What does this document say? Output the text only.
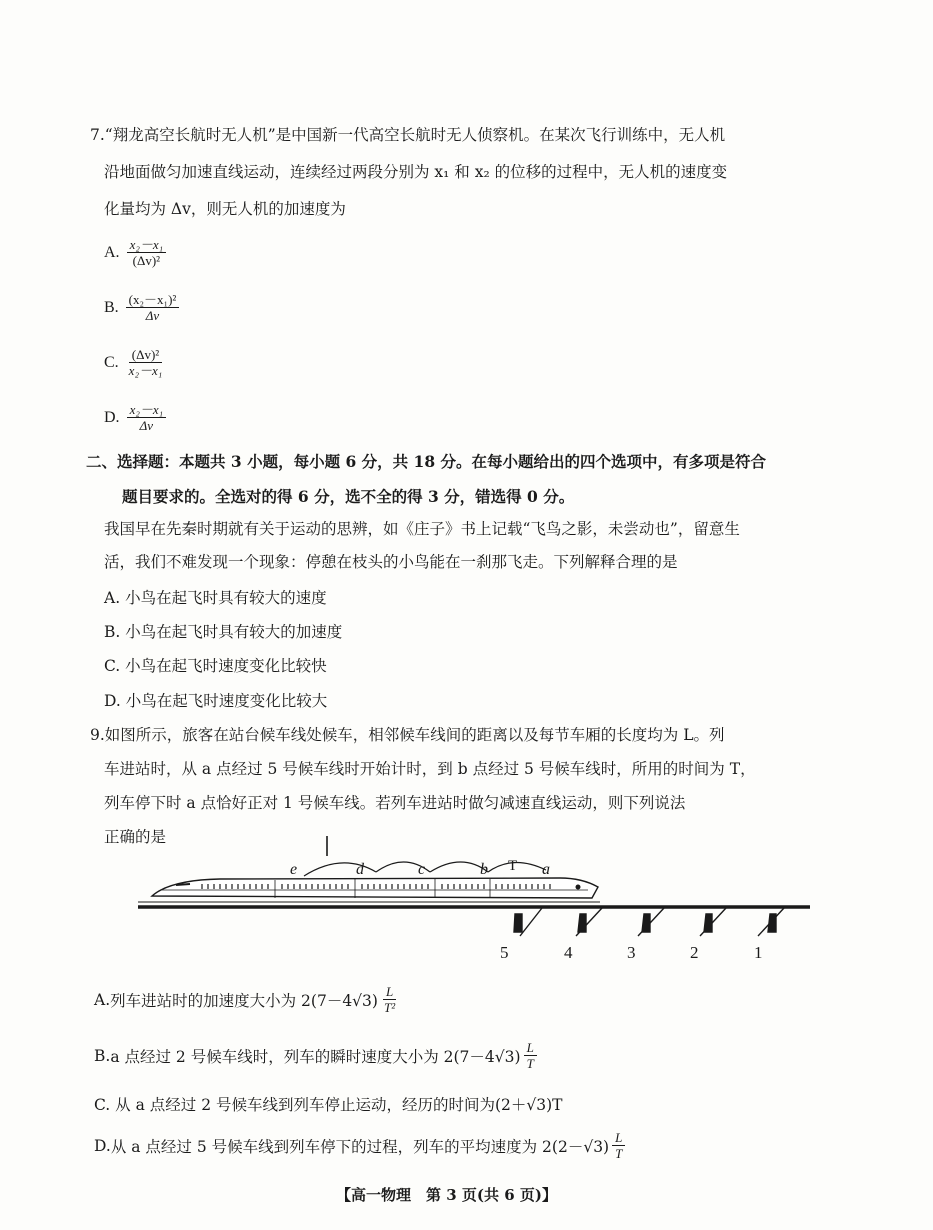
7.“翔龙高空长航时无人机”是中国新一代高空长航时无人侦察机。在某次飞行训练中，无人机
沿地面做匀加速直线运动，连续经过两段分别为 x₁ 和 x₂ 的位移的过程中，无人机的速度变
化量均为 Δv，则无人机的加速度为
A. $\frac{\text{x₂－x₁}}{\text{(Δv)²}}$
B. $\frac{\text{(x₂－x₁)²}}{\Delta v}$
C. $\frac{\text{(Δv)²}}{\text{x₂－x₁}}$
D. $\frac{\text{x₂－x₁}}{\Delta v}$
二、选择题：本题共 3 小题，每小题 6 分，共 18 分。在每小题给出的四个选项中，有多项是符合
题目要求的。全选对的得 6 分，选不全的得 3 分，错选得 0 分。
我国早在先秦时期就有关于运动的思辨，如《庄子》书上记载“飞鸟之影，未尝动也”，留意生
活，我们不难发现一个现象：停憩在枝头的小鸟能在一刹那飞走。下列解释合理的是
A. 小鸟在起飞时具有较大的速度
B. 小鸟在起飞时具有较大的加速度
C. 小鸟在起飞时速度变化比较快
D. 小鸟在起飞时速度变化比较大
9.如图所示，旅客在站台候车线处候车，相邻候车线间的距离以及每节车厢的长度均为 L。列
车进站时，从 a 点经过 5 号候车线时开始计时，到 b 点经过 5 号候车线时，所用的时间为 T，
列车停下时 a 点恰好正对 1 号候车线。若列车进站时做匀减速直线运动，则下列说法
正确的是
e	d	c	b T a
5	4	3	2	1
A. 列车进站时的加速度大小为 $2(7-4√3) \frac{L}{\text{T²}}$
B. a 点经过 2 号候车线时，列车的瞬时速度大小为 $2(7-4√3) \frac{L}{T}$
C. 从 a 点经过 2 号候车线到列车停止运动，经历的时间为(2＋√3)T
D. 从 a 点经过 5 号候车线到列车停下的过程，列车的平均速度为 $2(2-√3) \frac{L}{T}$
【高一物理　第 3 页(共 6 页)】
